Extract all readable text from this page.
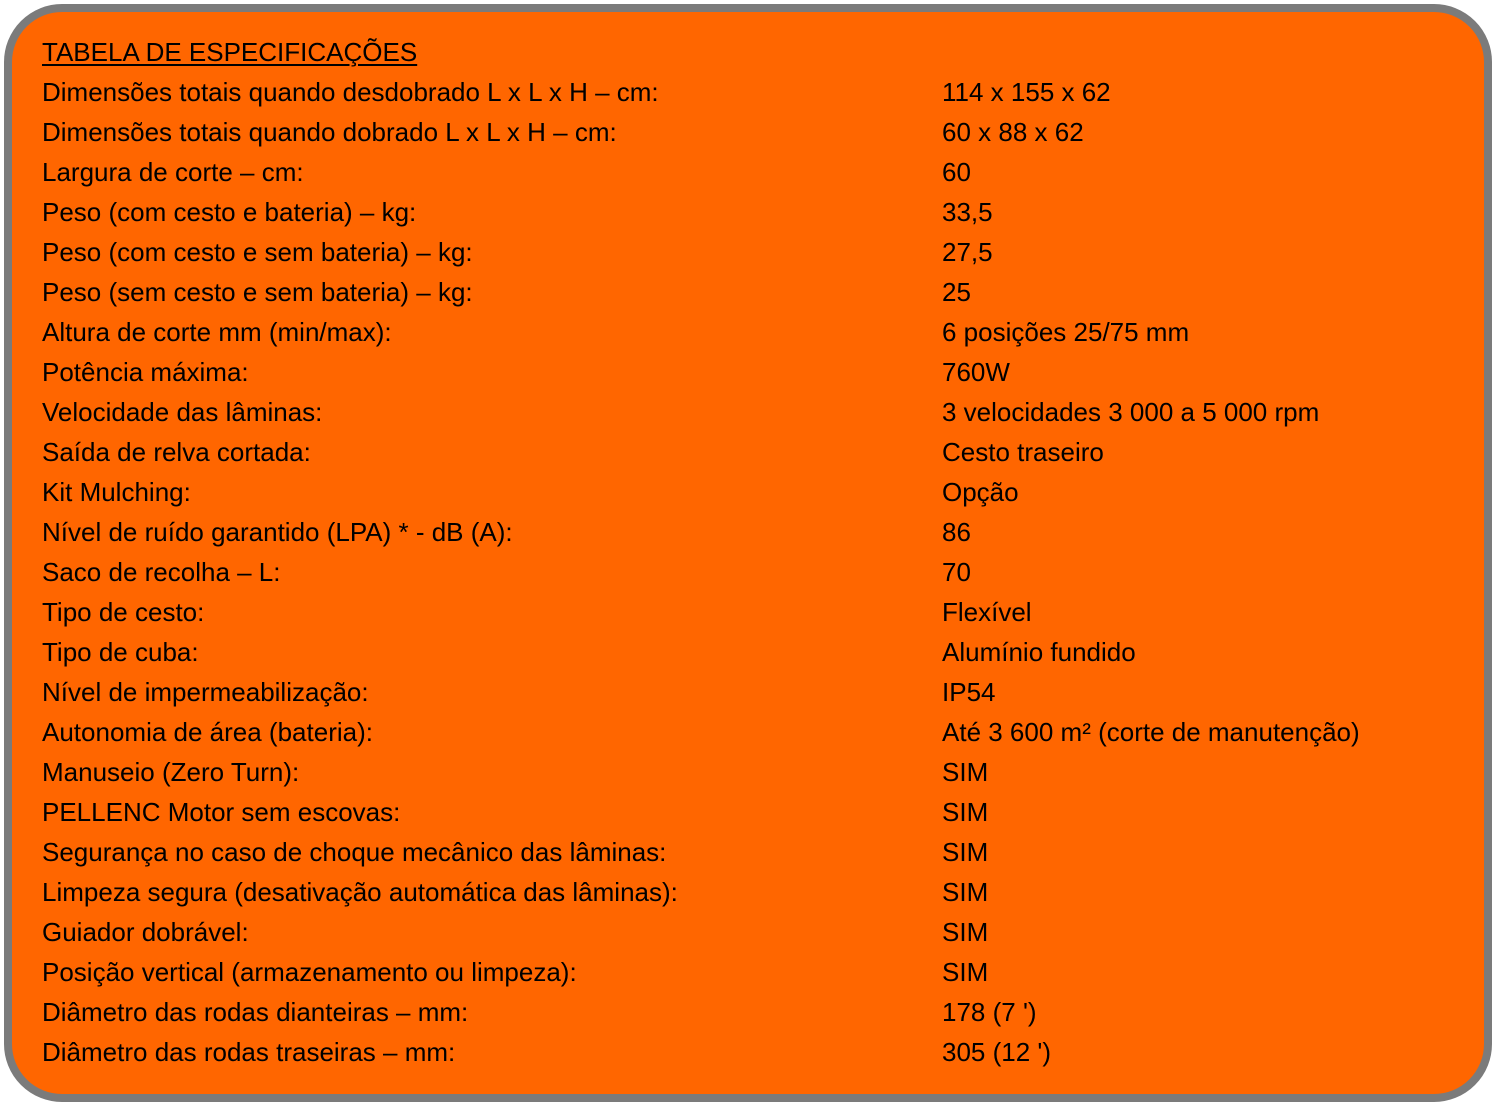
TABELA DE ESPECIFICAÇÕES
Dimensões totais quando desdobrado L x L x H – cm:	114 x 155 x 62
Dimensões totais quando dobrado L x L x H – cm:	60 x 88 x 62
Largura de corte – cm:	60
Peso (com cesto e bateria) – kg:	33,5
Peso (com cesto e sem bateria) – kg:	27,5
Peso (sem cesto e sem bateria) – kg:	25
Altura de corte mm (min/max):	6 posições 25/75 mm
Potência máxima:	760W
Velocidade das lâminas:	3 velocidades 3 000 a 5 000 rpm
Saída de relva cortada:	Cesto traseiro
Kit Mulching:	Opção
Nível de ruído garantido (LPA) * - dB (A):	86
Saco de recolha – L:	70
Tipo de cesto:	Flexível
Tipo de cuba:	Alumínio fundido
Nível de impermeabilização:	IP54
Autonomia de área (bateria):	Até 3 600 m² (corte de manutenção)
Manuseio (Zero Turn):	SIM
PELLENC Motor sem escovas:	SIM
Segurança no caso de choque mecânico das lâminas:	SIM
Limpeza segura (desativação automática das lâminas):	SIM
Guiador dobrável:	SIM
Posição vertical (armazenamento ou limpeza):	SIM
Diâmetro das rodas dianteiras – mm:	178 (7 ')
Diâmetro das rodas traseiras – mm:	305 (12 ')
